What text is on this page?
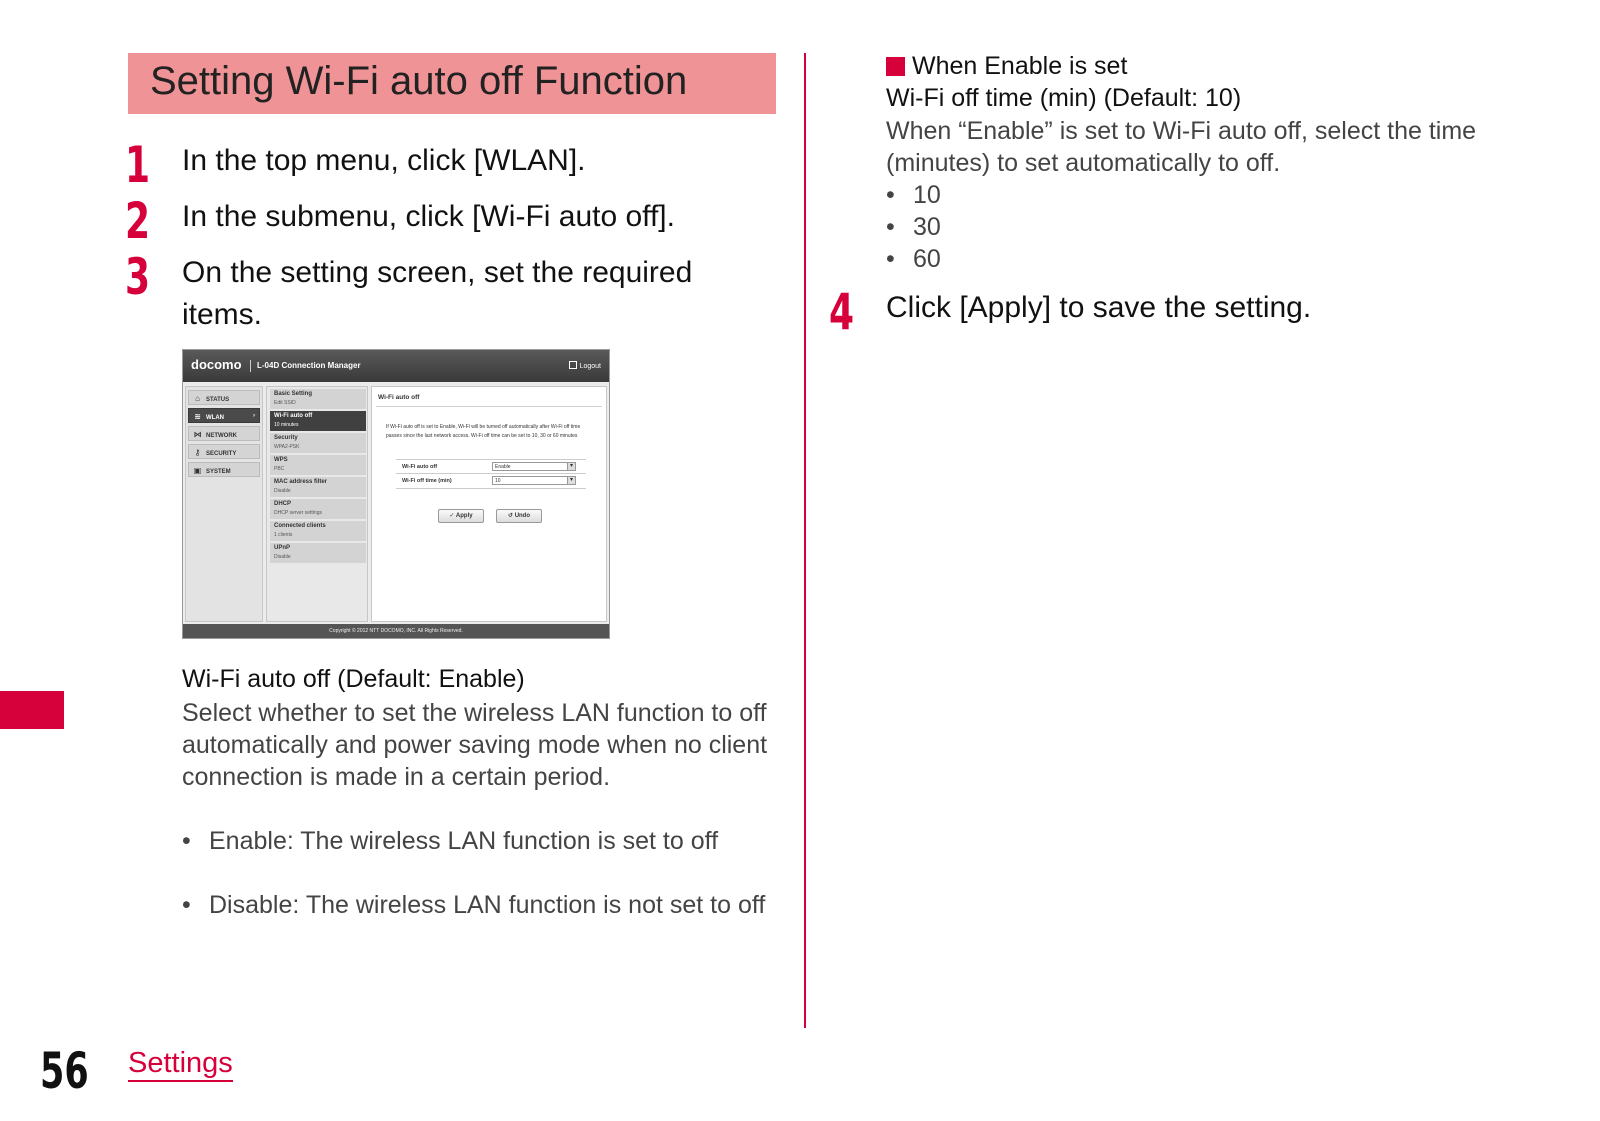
Setting Wi-Fi auto off Function
1 In the top menu, click [WLAN].
2 In the submenu, click [Wi-Fi auto off].
3 On the setting screen, set the required items.
docomo L-04D Connection Manager	Logout
⌂ STATUS
≋ WLAN	›
⋈ NETWORK
⚷ SECURITY
▣ SYSTEM
Basic Setting
Edit SSID
Wi-Fi auto off
10 minutes
Security
WPA2-PSK
WPS
PBC
MAC address filter
Disable
DHCP
DHCP server settings
Connected clients
1 clients
UPnP
Disable
Wi-Fi auto off
If Wi-Fi auto off is set to Enable, Wi-Fi will be turned off automatically after Wi-Fi off time passes since the last network access. Wi-Fi off time can be set to 10, 30 or 60 minutes
Wi-Fi auto off	Enable ▾
Wi-Fi off time (min)	10 ▾
✓ Apply	↺ Undo
Copyright © 2012 NTT DOCOMO, INC. All Rights Reserved.
Wi-Fi auto off (Default: Enable)
Select whether to set the wireless LAN function to off automatically and power saving mode when no client connection is made in a certain period.
• Enable: The wireless LAN function is set to off
• Disable: The wireless LAN function is not set to off
When Enable is set
Wi-Fi off time (min) (Default: 10)
When “Enable” is set to Wi-Fi auto off, select the time (minutes) to set automatically to off.
• 10
• 30
• 60
4 Click [Apply] to save the setting.
56 Settings
